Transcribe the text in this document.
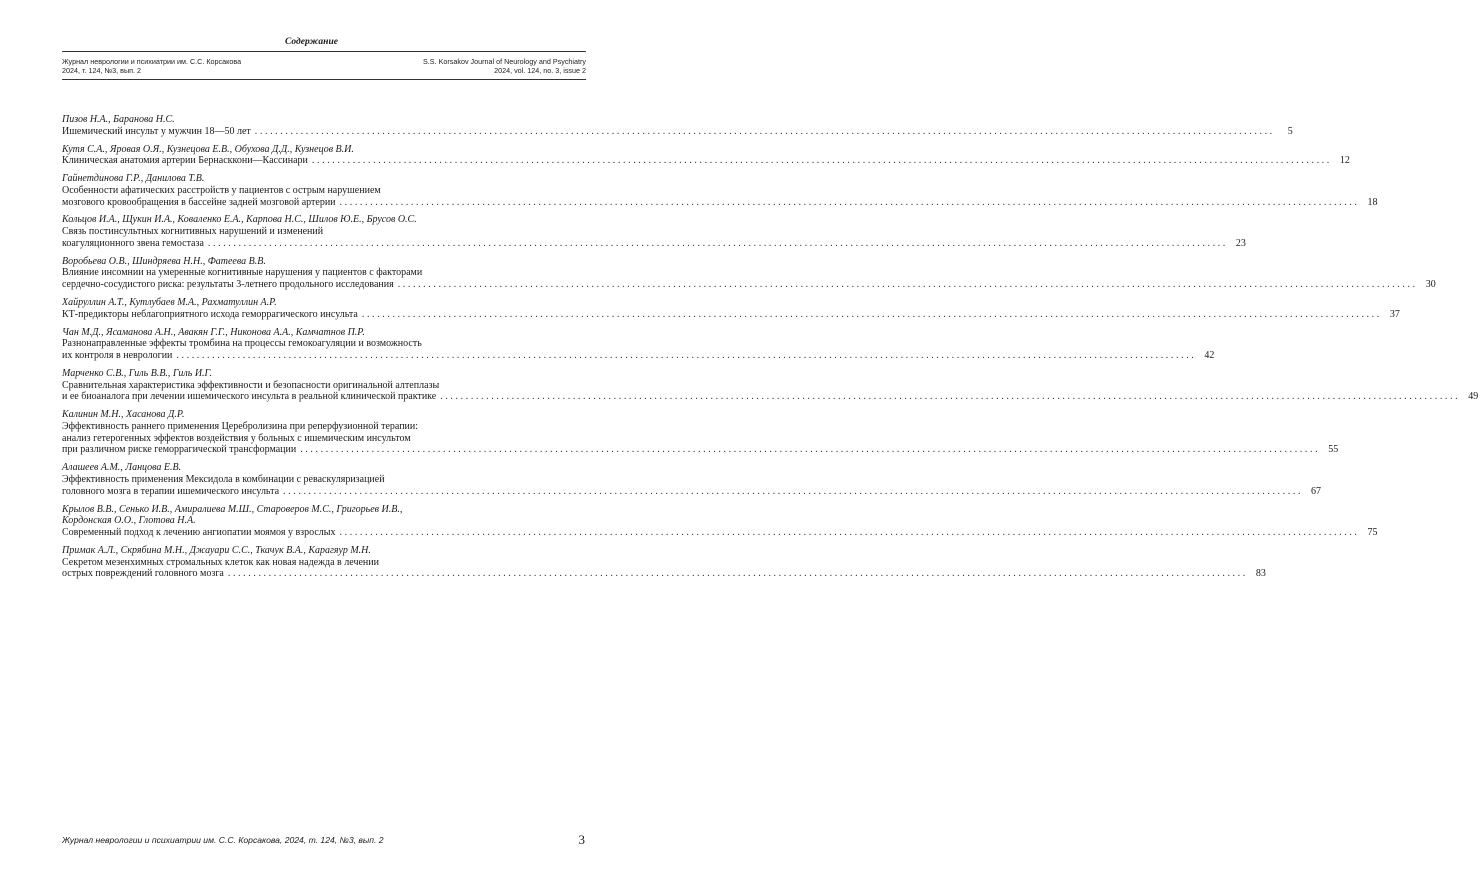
Содержание
Журнал неврологии и психиатрии им. С.С. Корсакова
2024, т. 124, №3, вып. 2
S.S. Korsakov Journal of Neurology and Psychiatry
2024, vol. 124, no. 3, issue 2
Пизов Н.А., Баранова Н.С.
Ишемический инсульт у мужчин 18—50 лет ........................................................................................................................................................................................................	5
Кутя С.А., Яровая О.Я., Кузнецова Е.В., Обухова Д.Д., Кузнецов В.И.
Клиническая анатомия артерии Бернасккони—Кассинари ........................................................................................................................................................................................................ 12
Гайнетдинова Г.Р., Данилова Т.В.
Особенности афатических расстройств у пациентов с острым нарушением
мозгового кровообращения в бассейне задней мозговой артерии ........................................................................................................................................................................................................ 18
Кольцов И.А., Щукин И.А., Коваленко Е.А., Карпова Н.С., Шилов Ю.Е., Брусов О.С.
Связь постинсультных когнитивных нарушений и изменений
коагуляционного звена гемостаза ........................................................................................................................................................................................................ 23
Воробьева О.В., Шиндряева Н.Н., Фатеева В.В.
Влияние инсомнии на умеренные когнитивные нарушения у пациентов с факторами
сердечно-сосудистого риска: результаты 3-летнего продольного исследования ........................................................................................................................................................................................................ 30
Хайруллин А.Т., Кутлубаев М.А., Рахматуллин А.Р.
КТ-предикторы неблагоприятного исхода геморрагического инсульта ........................................................................................................................................................................................................ 37
Чан М.Д., Ясаманова А.Н., Авакян Г.Г., Никонова А.А., Камчатнов П.Р.
Разнонаправленные эффекты тромбина на процессы гемокоагуляции и возможность
их контроля в неврологии ........................................................................................................................................................................................................ 42
Марченко С.В., Гиль В.В., Гиль И.Г.
Сравнительная характеристика эффективности и безопасности оригинальной алтеплазы
и ее биоаналога при лечении ишемического инсульта в реальной клинической практике ........................................................................................................................................................................................................ 49
Калинин М.Н., Хасанова Д.Р.
Эффективность раннего применения Церебролизина при реперфузионной терапии:
анализ гетерогенных эффектов воздействия у больных с ишемическим инсультом
при различном риске геморрагической трансформации ........................................................................................................................................................................................................ 55
Алашеев А.М., Ланцова Е.В.
Эффективность применения Мексидола в комбинации с реваскуляризацией
головного мозга в терапии ишемического инсульта ........................................................................................................................................................................................................ 67
Крылов В.В., Сенько И.В., Амиралиева М.Ш., Староверов М.С., Григорьев И.В.,
Кордонская О.О., Глотова Н.А.
Современный подход к лечению ангиопатии моямоя у взрослых ........................................................................................................................................................................................................ 75
Примак А.Л., Скрябина М.Н., Джауари С.С., Ткачук В.А., Карагяур М.Н.
Секретом мезенхимных стромальных клеток как новая надежда в лечении
острых повреждений головного мозга ........................................................................................................................................................................................................ 83
Журнал неврологии и психиатрии им. С.С. Корсакова, 2024, т. 124, №3, вып. 2	3
